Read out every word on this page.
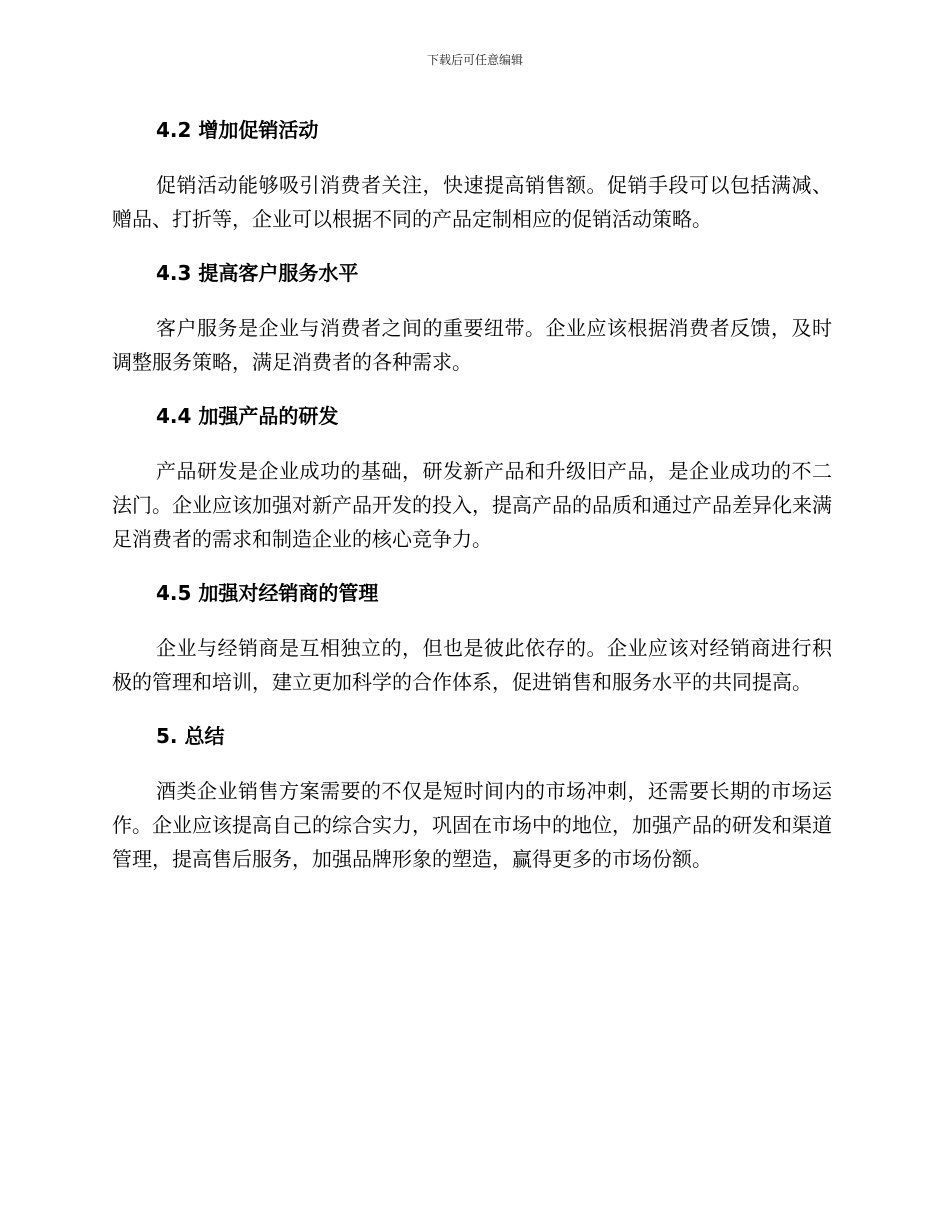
下载后可任意编辑
4.2 增加促销活动

促销活动能够吸引消费者关注，快速提高销售额。促销手段可以包括满减、赠品、打折等，企业可以根据不同的产品定制相应的促销活动策略。

4.3 提高客户服务水平

客户服务是企业与消费者之间的重要纽带。企业应该根据消费者反馈，及时调整服务策略，满足消费者的各种需求。

4.4 加强产品的研发

产品研发是企业成功的基础，研发新产品和升级旧产品，是企业成功的不二法门。企业应该加强对新产品开发的投入，提高产品的品质和通过产品差异化来满足消费者的需求和制造企业的核心竞争力。

4.5 加强对经销商的管理

企业与经销商是互相独立的，但也是彼此依存的。企业应该对经销商进行积极的管理和培训，建立更加科学的合作体系，促进销售和服务水平的共同提高。

5. 总结

酒类企业销售方案需要的不仅是短时间内的市场冲刺，还需要长期的市场运作。企业应该提高自己的综合实力，巩固在市场中的地位，加强产品的研发和渠道管理，提高售后服务，加强品牌形象的塑造，赢得更多的市场份额。
